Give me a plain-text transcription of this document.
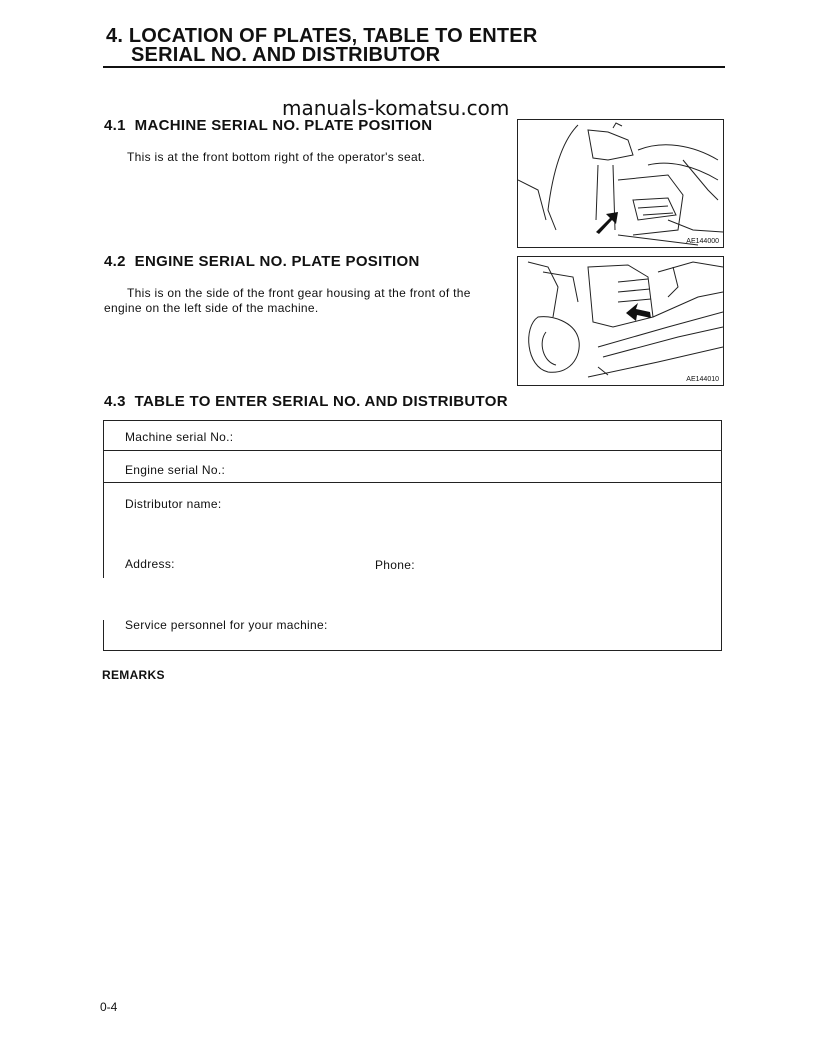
4. LOCATION OF PLATES, TABLE TO ENTER
SERIAL NO. AND DISTRIBUTOR
manuals-komatsu.com
4.1  MACHINE SERIAL NO. PLATE POSITION
This is at the front bottom right of the operator's seat.
AE144000
4.2  ENGINE SERIAL NO. PLATE POSITION
This is on the side of the front gear housing at the front of the
engine on the left side of the machine.
AE144010
4.3  TABLE TO ENTER SERIAL NO. AND DISTRIBUTOR
Machine serial No.:
Engine serial No.:
Distributor name:
Address:	Phone:
Service personnel for your machine:
REMARKS
0-4
